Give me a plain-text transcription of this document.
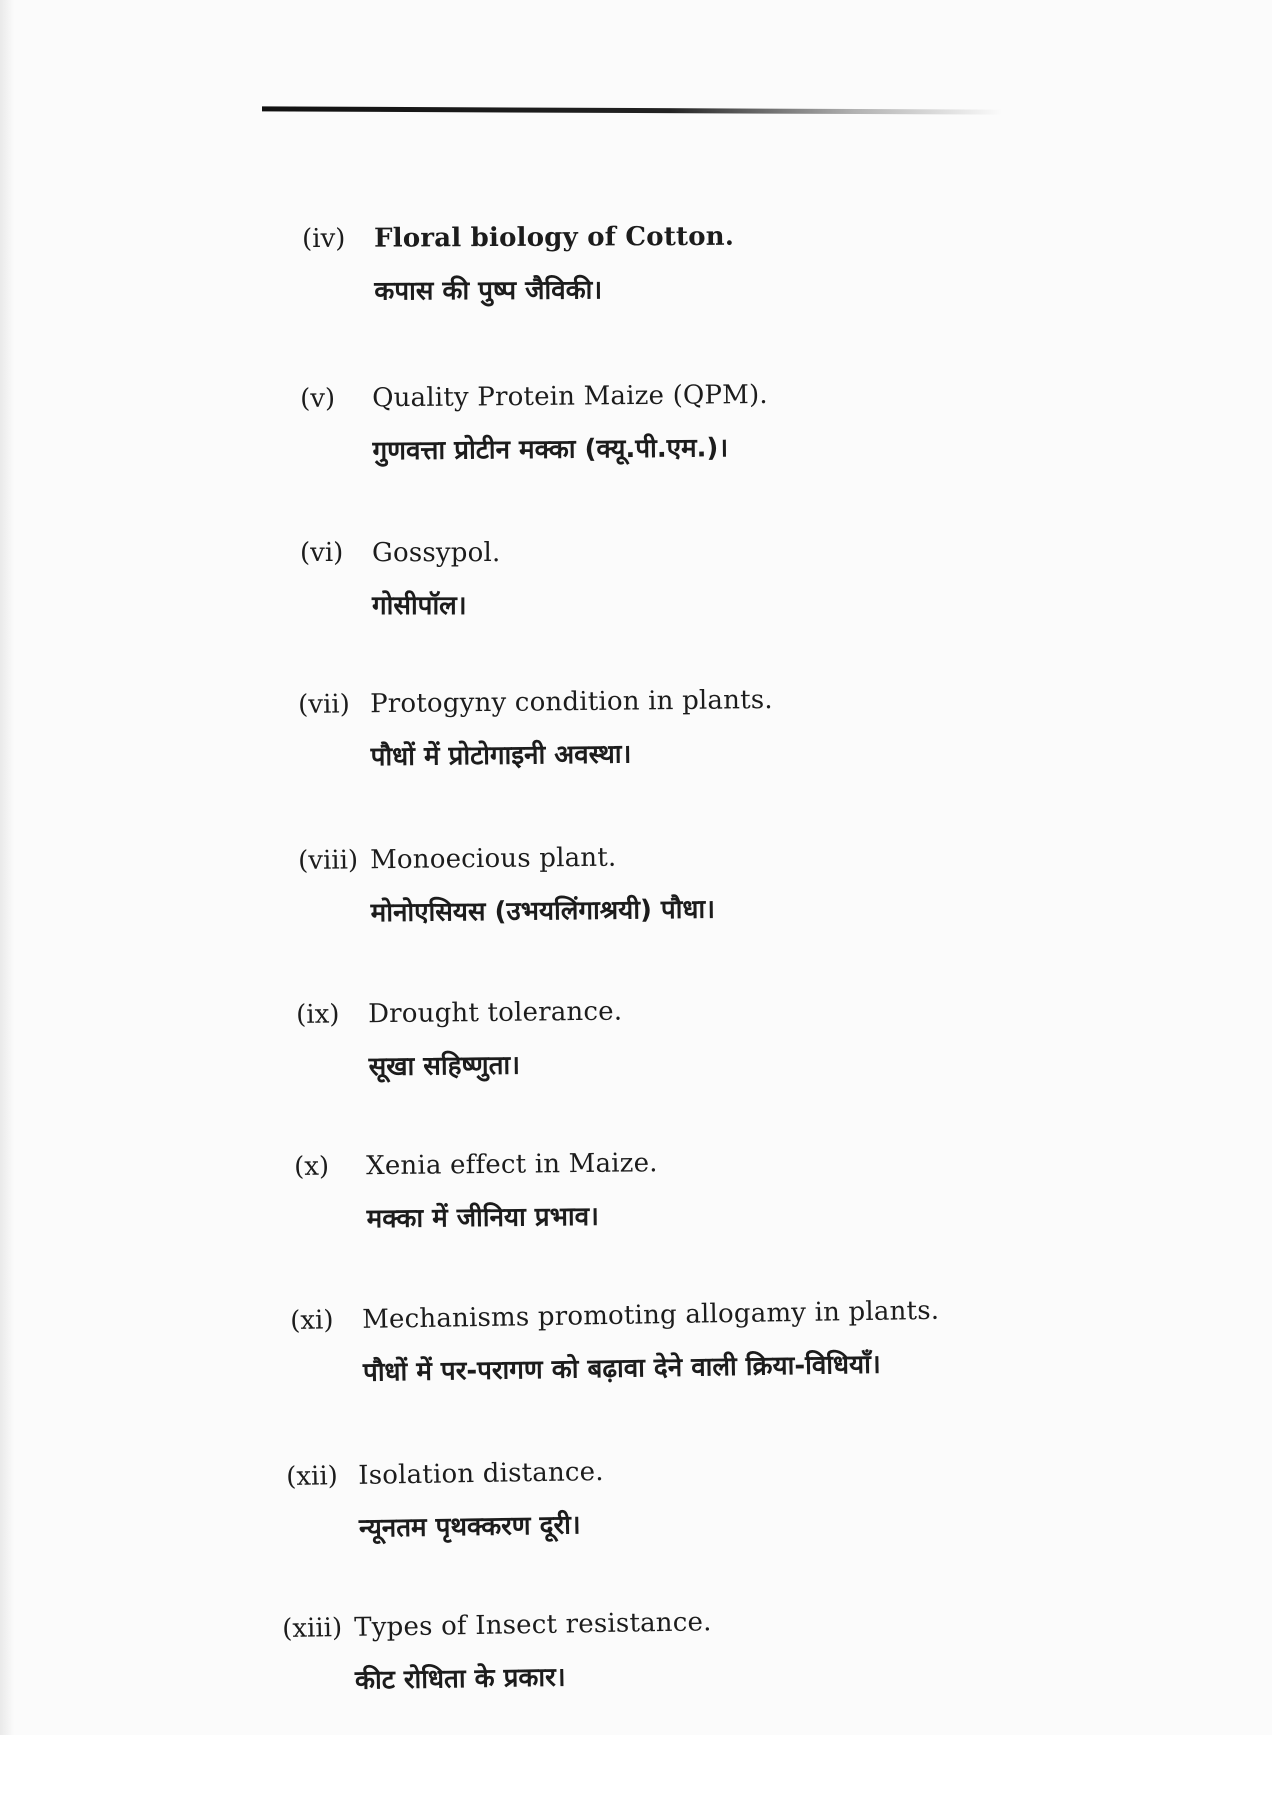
(iv) Floral biology of Cotton.
कपास की पुष्प जैविकी।
(v) Quality Protein Maize (QPM).
गुणवत्ता प्रोटीन मक्का (क्यू.पी.एम.)।
(vi) Gossypol.
गोसीपॉल।
(vii) Protogyny condition in plants.
पौधों में प्रोटोगाइनी अवस्था।
(viii) Monoecious plant.
मोनोएसियस (उभयलिंगाश्रयी) पौधा।
(ix) Drought tolerance.
सूखा सहिष्णुता।
(x) Xenia effect in Maize.
मक्का में जीनिया प्रभाव।
(xi) Mechanisms promoting allogamy in plants.
पौधों में पर-परागण को बढ़ावा देने वाली क्रिया-विधियाँ।
(xii) Isolation distance.
न्यूनतम पृथक्करण दूरी।
(xiii) Types of Insect resistance.
कीट रोधिता के प्रकार।
